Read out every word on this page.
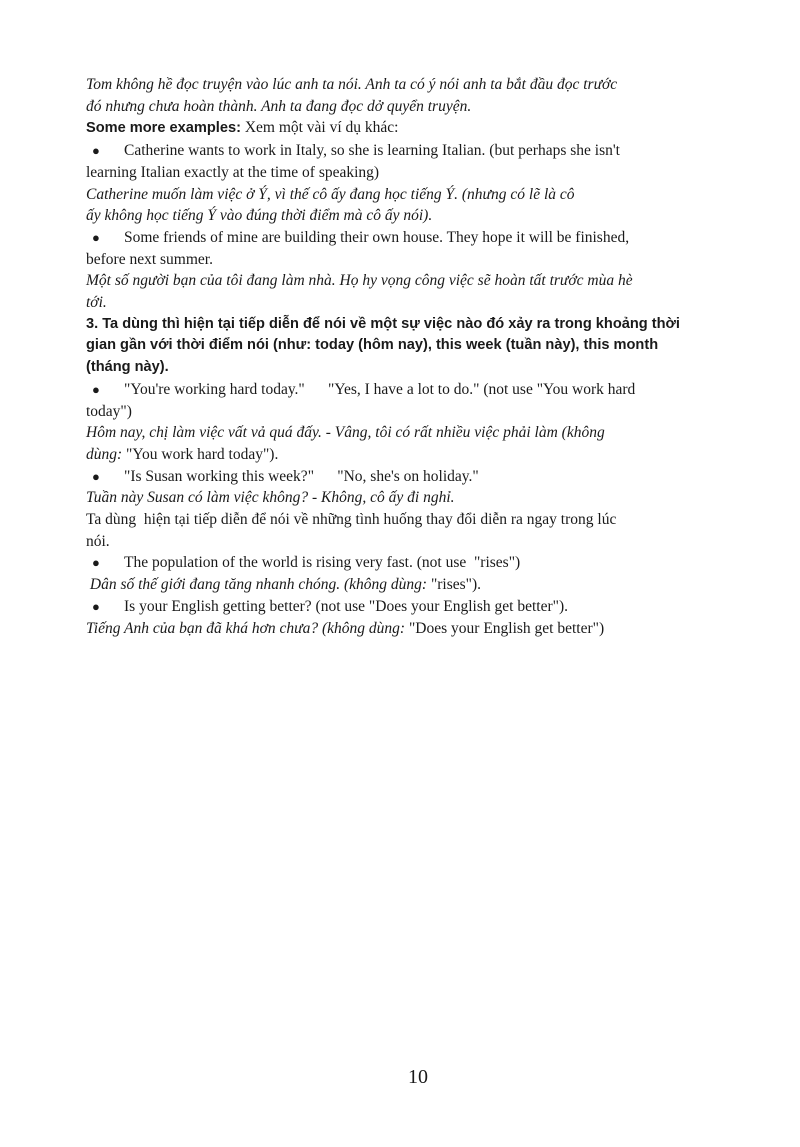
Tom không hề đọc truyện vào lúc anh ta nói. Anh ta có ý nói anh ta bắt đầu đọc trước
đó nhưng chưa hoàn thành. Anh ta đang đọc dở quyển truyện.
Some more examples: Xem một vài ví dụ khác:
● Catherine wants to work in Italy, so she is learning Italian. (but perhaps she isn't
learning Italian exactly at the time of speaking)
Catherine muốn làm việc ở Ý, vì thế cô ấy đang học tiếng Ý. (nhưng có lẽ là cô
ấy không học tiếng Ý vào đúng thời điểm mà cô ấy nói).
● Some friends of mine are building their own house. They hope it will be finished,
before next summer.
Một số người bạn của tôi đang làm nhà. Họ hy vọng công việc sẽ hoàn tất trước mùa hè
tới.
3. Ta dùng thì hiện tại tiếp diễn để nói về một sự việc nào đó xảy ra trong khoảng thời
gian gần với thời điểm nói (như: today (hôm nay), this week (tuần này), this month
(tháng này).
● "You're working hard today."      "Yes, I have a lot to do." (not use "You work hard
today")
Hôm nay, chị làm việc vất vả quá đấy. - Vâng, tôi có rất nhiều việc phải làm (không
dùng: "You work hard today").
● "Is Susan working this week?"      "No, she's on holiday."
Tuần này Susan có làm việc không? - Không, cô ấy đi nghỉ.
Ta dùng  hiện tại tiếp diễn để nói về những tình huống thay đổi diễn ra ngay trong lúc
nói.
● The population of the world is rising very fast. (not use  "rises")
Dân số thế giới đang tăng nhanh chóng. (không dùng: "rises").
● Is your English getting better? (not use "Does your English get better").
Tiếng Anh của bạn đã khá hơn chưa? (không dùng: "Does your English get better")
10
